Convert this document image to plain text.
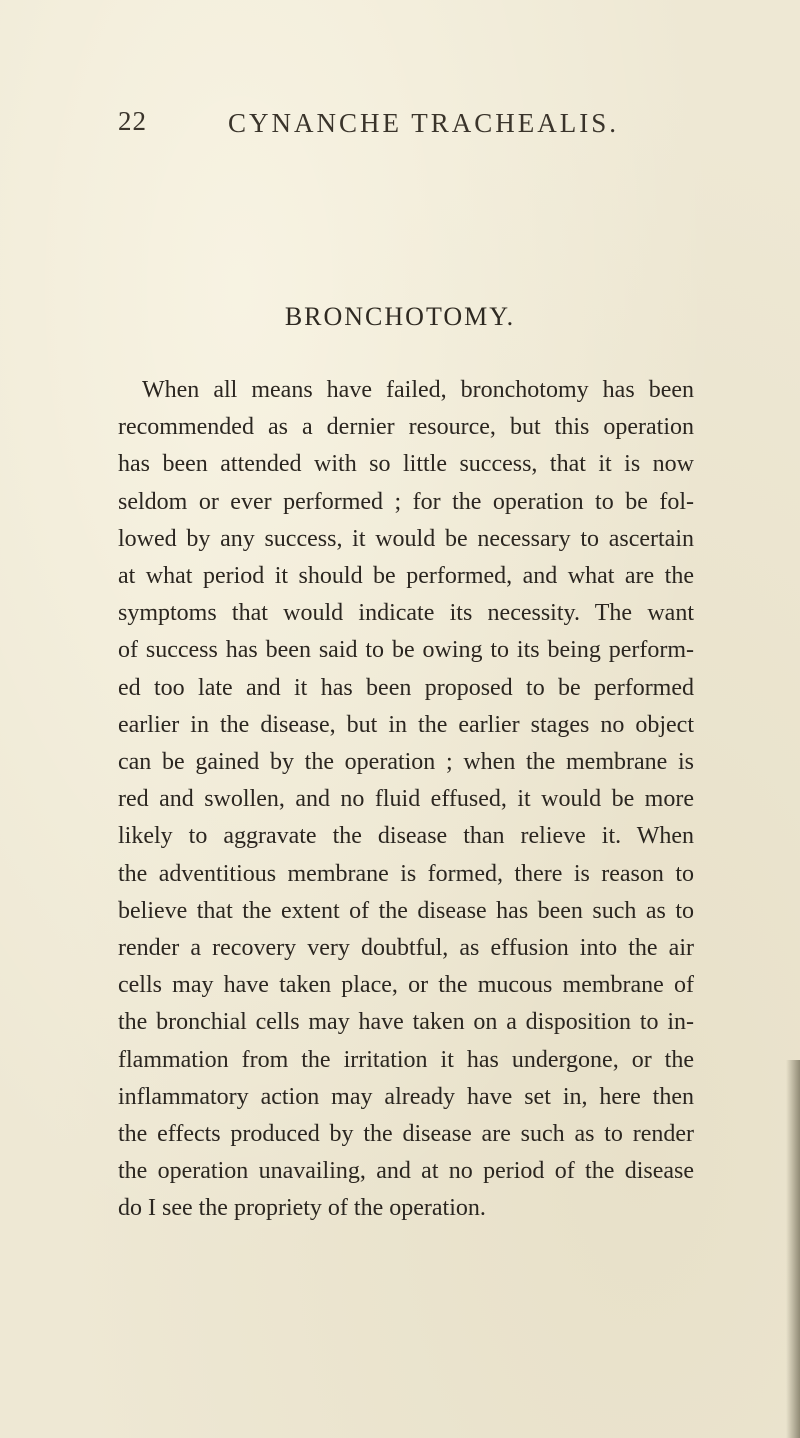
22	CYNANCHE TRACHEALIS.
BRONCHOTOMY.

When all means have failed, bronchotomy has been
recommended as a dernier resource, but this operation
has been attended with so little success, that it is now
seldom or ever performed ; for the operation to be fol-
lowed by any success, it would be necessary to ascertain
at what period it should be performed, and what are the
symptoms that would indicate its necessity. The want
of success has been said to be owing to its being perform-
ed too late and it has been proposed to be performed
earlier in the disease, but in the earlier stages no object
can be gained by the operation ; when the membrane is
red and swollen, and no fluid effused, it would be more
likely to aggravate the disease than relieve it. When
the adventitious membrane is formed, there is reason to
believe that the extent of the disease has been such as to
render a recovery very doubtful, as effusion into the air
cells may have taken place, or the mucous membrane of
the bronchial cells may have taken on a disposition to in-
flammation from the irritation it has undergone, or the
inflammatory action may already have set in, here then
the effects produced by the disease are such as to render
the operation unavailing, and at no period of the disease
do I see the propriety of the operation.
